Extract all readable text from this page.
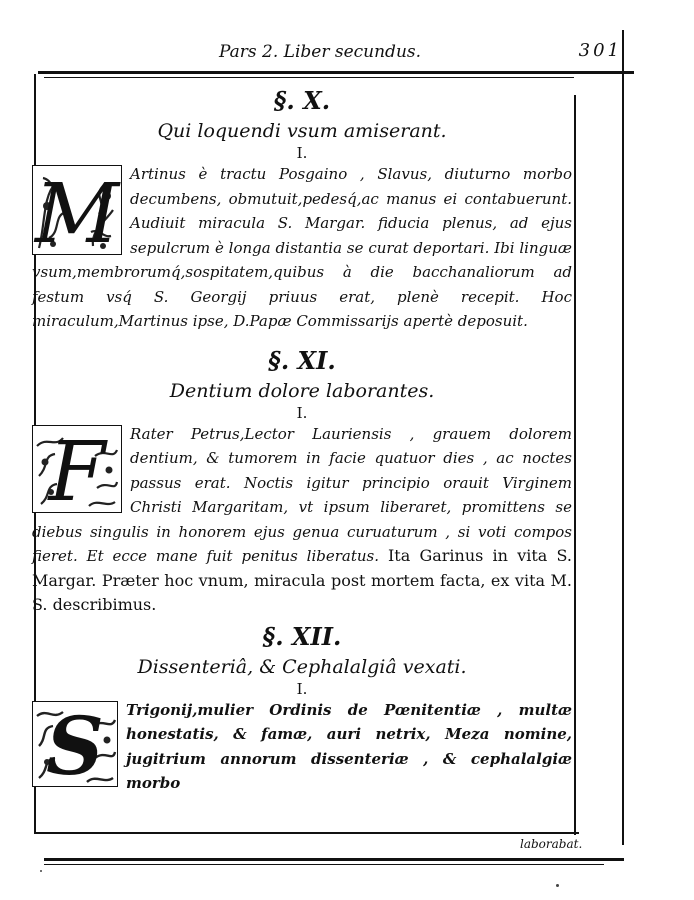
Pars 2. Liber secundus.	301
§. X.
Qui loquendi vsum amiserant.
I.

M Artinus è tractu Posgaino , Slavus, diuturno morbo decumbens, obmutuit,pedesq́,ac manus ei contabuerunt. Audiuit miracula S. Margar. fiducia plenus, ad ejus sepulcrum è longa distantia se curat deportari. Ibi linguæ vsum,membrorumq́,sospitatem,quibus à die bacchanaliorum ad festum vsq́ S. Georgij priuus erat, plenè recepit. Hoc miraculum,Martinus ipse, D.Papæ Commissarijs apertè deposuit.

§. XI.
Dentium dolore laborantes.
I.

F Rater Petrus,Lector Lauriensis , grauem dolorem dentium, & tumorem in facie quatuor dies , ac noctes passus erat. Noctis igitur principio orauit Virginem Christi Margaritam, vt ipsum liberaret, promittens se diebus singulis in honorem ejus genua curuaturum , si voti compos fieret. Et ecce mane fuit penitus liberatus. Ita Garinus in vita S. Margar. Præter hoc vnum, miracula post mortem facta, ex vita M. S. describimus.

§. XII.
Dissenteriâ, & Cephalalgiâ vexati.
I.

S Trigonij,mulier Ordinis de Pœnitentiæ , multæ honestatis, & famæ, auri netrix, Meza nomine, jugitrium annorum dissenteriæ , & cephalalgiæ morbo

laborabat.
